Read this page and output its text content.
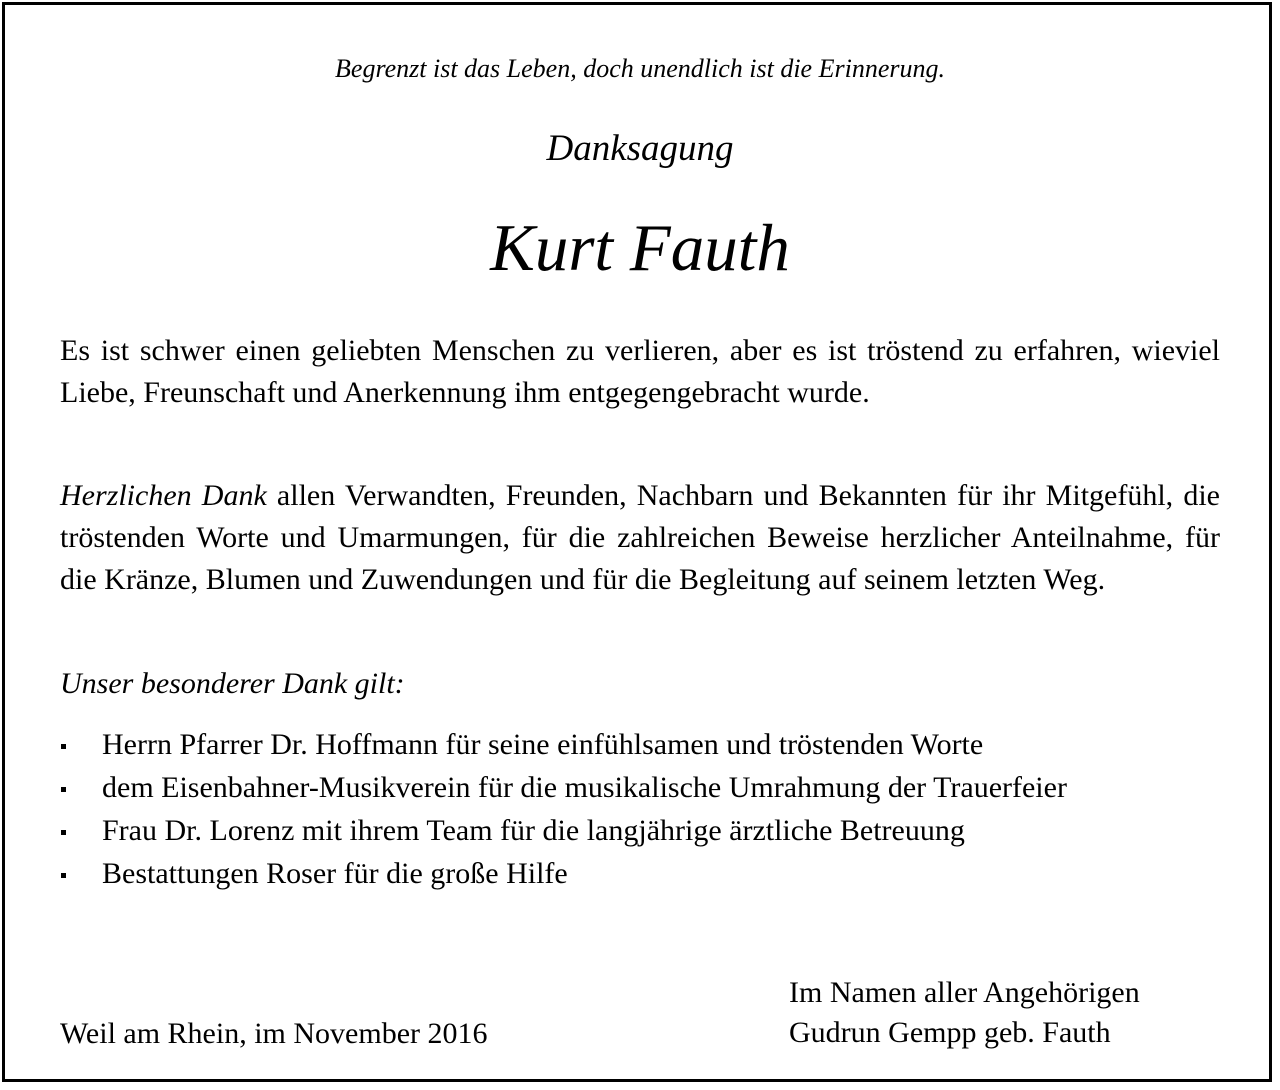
Begrenzt ist das Leben, doch unendlich ist die Erinnerung.
Danksagung
Kurt Fauth
Es ist schwer einen geliebten Menschen zu verlieren, aber es ist tröstend zu erfahren, wieviel Liebe, Freunschaft und Anerkennung ihm entgegengebracht wurde.
Herzlichen Dank allen Verwandten, Freunden, Nachbarn und Bekannten für ihr Mitgefühl, die tröstenden Worte und Umarmungen, für die zahlreichen Beweise herzlicher Anteilnahme, für die Kränze, Blumen und Zuwendungen und für die Begleitung auf seinem letzten Weg.
Unser besonderer Dank gilt:
Herrn Pfarrer Dr. Hoffmann für seine einfühlsamen und tröstenden Worte
dem Eisenbahner-Musikverein für die musikalische Umrahmung der Trauerfeier
Frau Dr. Lorenz mit ihrem Team für die langjährige ärztliche Betreuung
Bestattungen Roser für die große Hilfe
Weil am Rhein, im November 2016
Im Namen aller Angehörigen
Gudrun Gempp geb. Fauth
